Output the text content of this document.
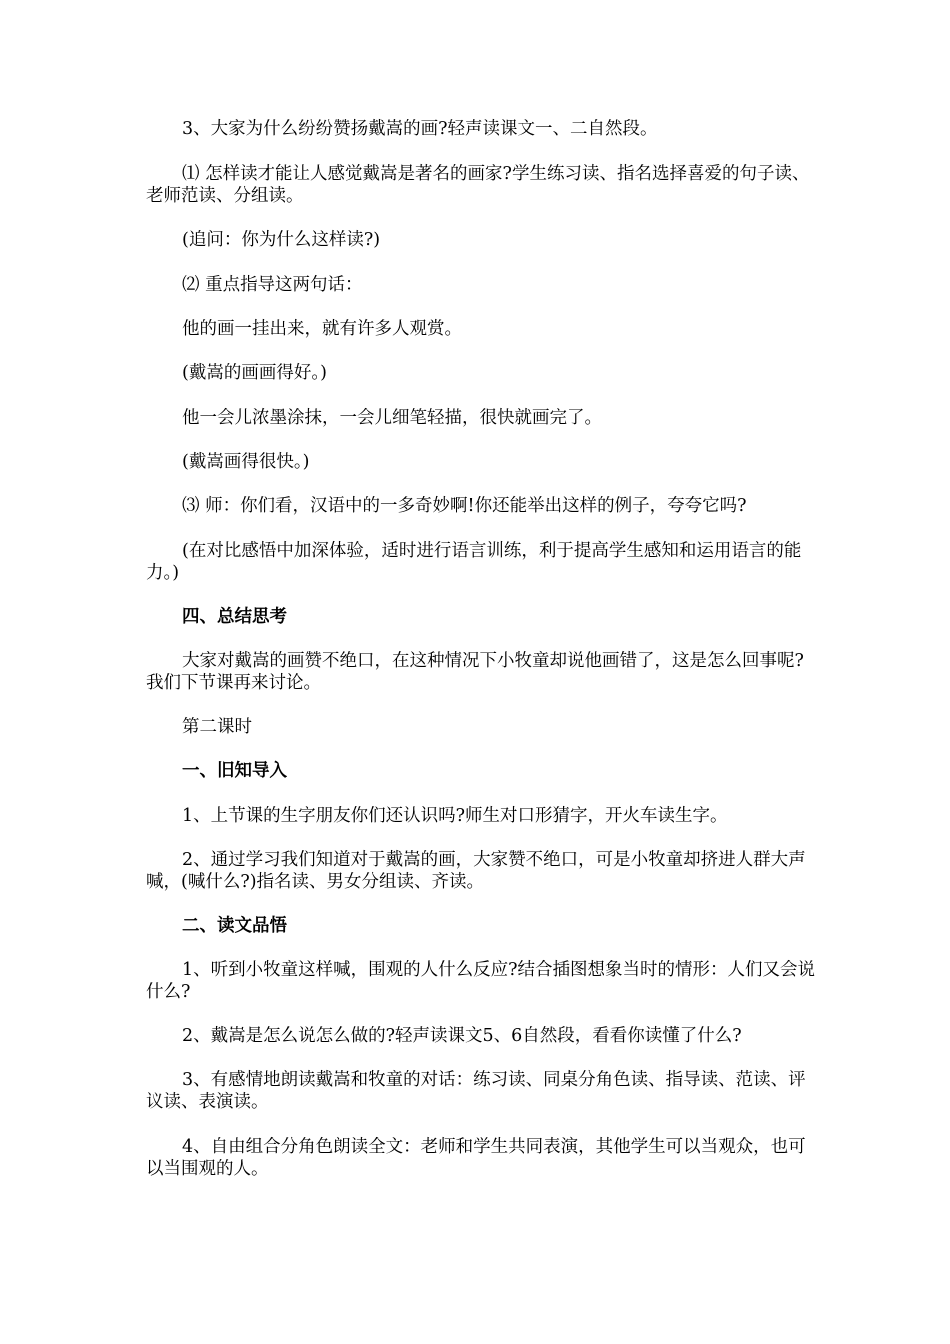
3、大家为什么纷纷赞扬戴嵩的画?轻声读课文一、二自然段。

⑴ 怎样读才能让人感觉戴嵩是著名的画家?学生练习读、指名选择喜爱的句子读、老师范读、分组读。

(追问：你为什么这样读?)

⑵ 重点指导这两句话：

他的画一挂出来，就有许多人观赏。

(戴嵩的画画得好。)

他一会儿浓墨涂抹，一会儿细笔轻描，很快就画完了。

(戴嵩画得很快。)

⑶ 师：你们看，汉语中的一多奇妙啊!你还能举出这样的例子，夸夸它吗?

(在对比感悟中加深体验，适时进行语言训练，利于提高学生感知和运用语言的能力。)

四、总结思考

大家对戴嵩的画赞不绝口，在这种情况下小牧童却说他画错了，这是怎么回事呢?我们下节课再来讨论。

第二课时

一、旧知导入

1、上节课的生字朋友你们还认识吗?师生对口形猜字，开火车读生字。

2、通过学习我们知道对于戴嵩的画，大家赞不绝口，可是小牧童却挤进人群大声喊，(喊什么?)指名读、男女分组读、齐读。

二、读文品悟

1、听到小牧童这样喊，围观的人什么反应?结合插图想象当时的情形：人们又会说什么?

2、戴嵩是怎么说怎么做的?轻声读课文5、6自然段，看看你读懂了什么?

3、有感情地朗读戴嵩和牧童的对话：练习读、同桌分角色读、指导读、范读、评议读、表演读。

4、自由组合分角色朗读全文：老师和学生共同表演，其他学生可以当观众，也可以当围观的人。
